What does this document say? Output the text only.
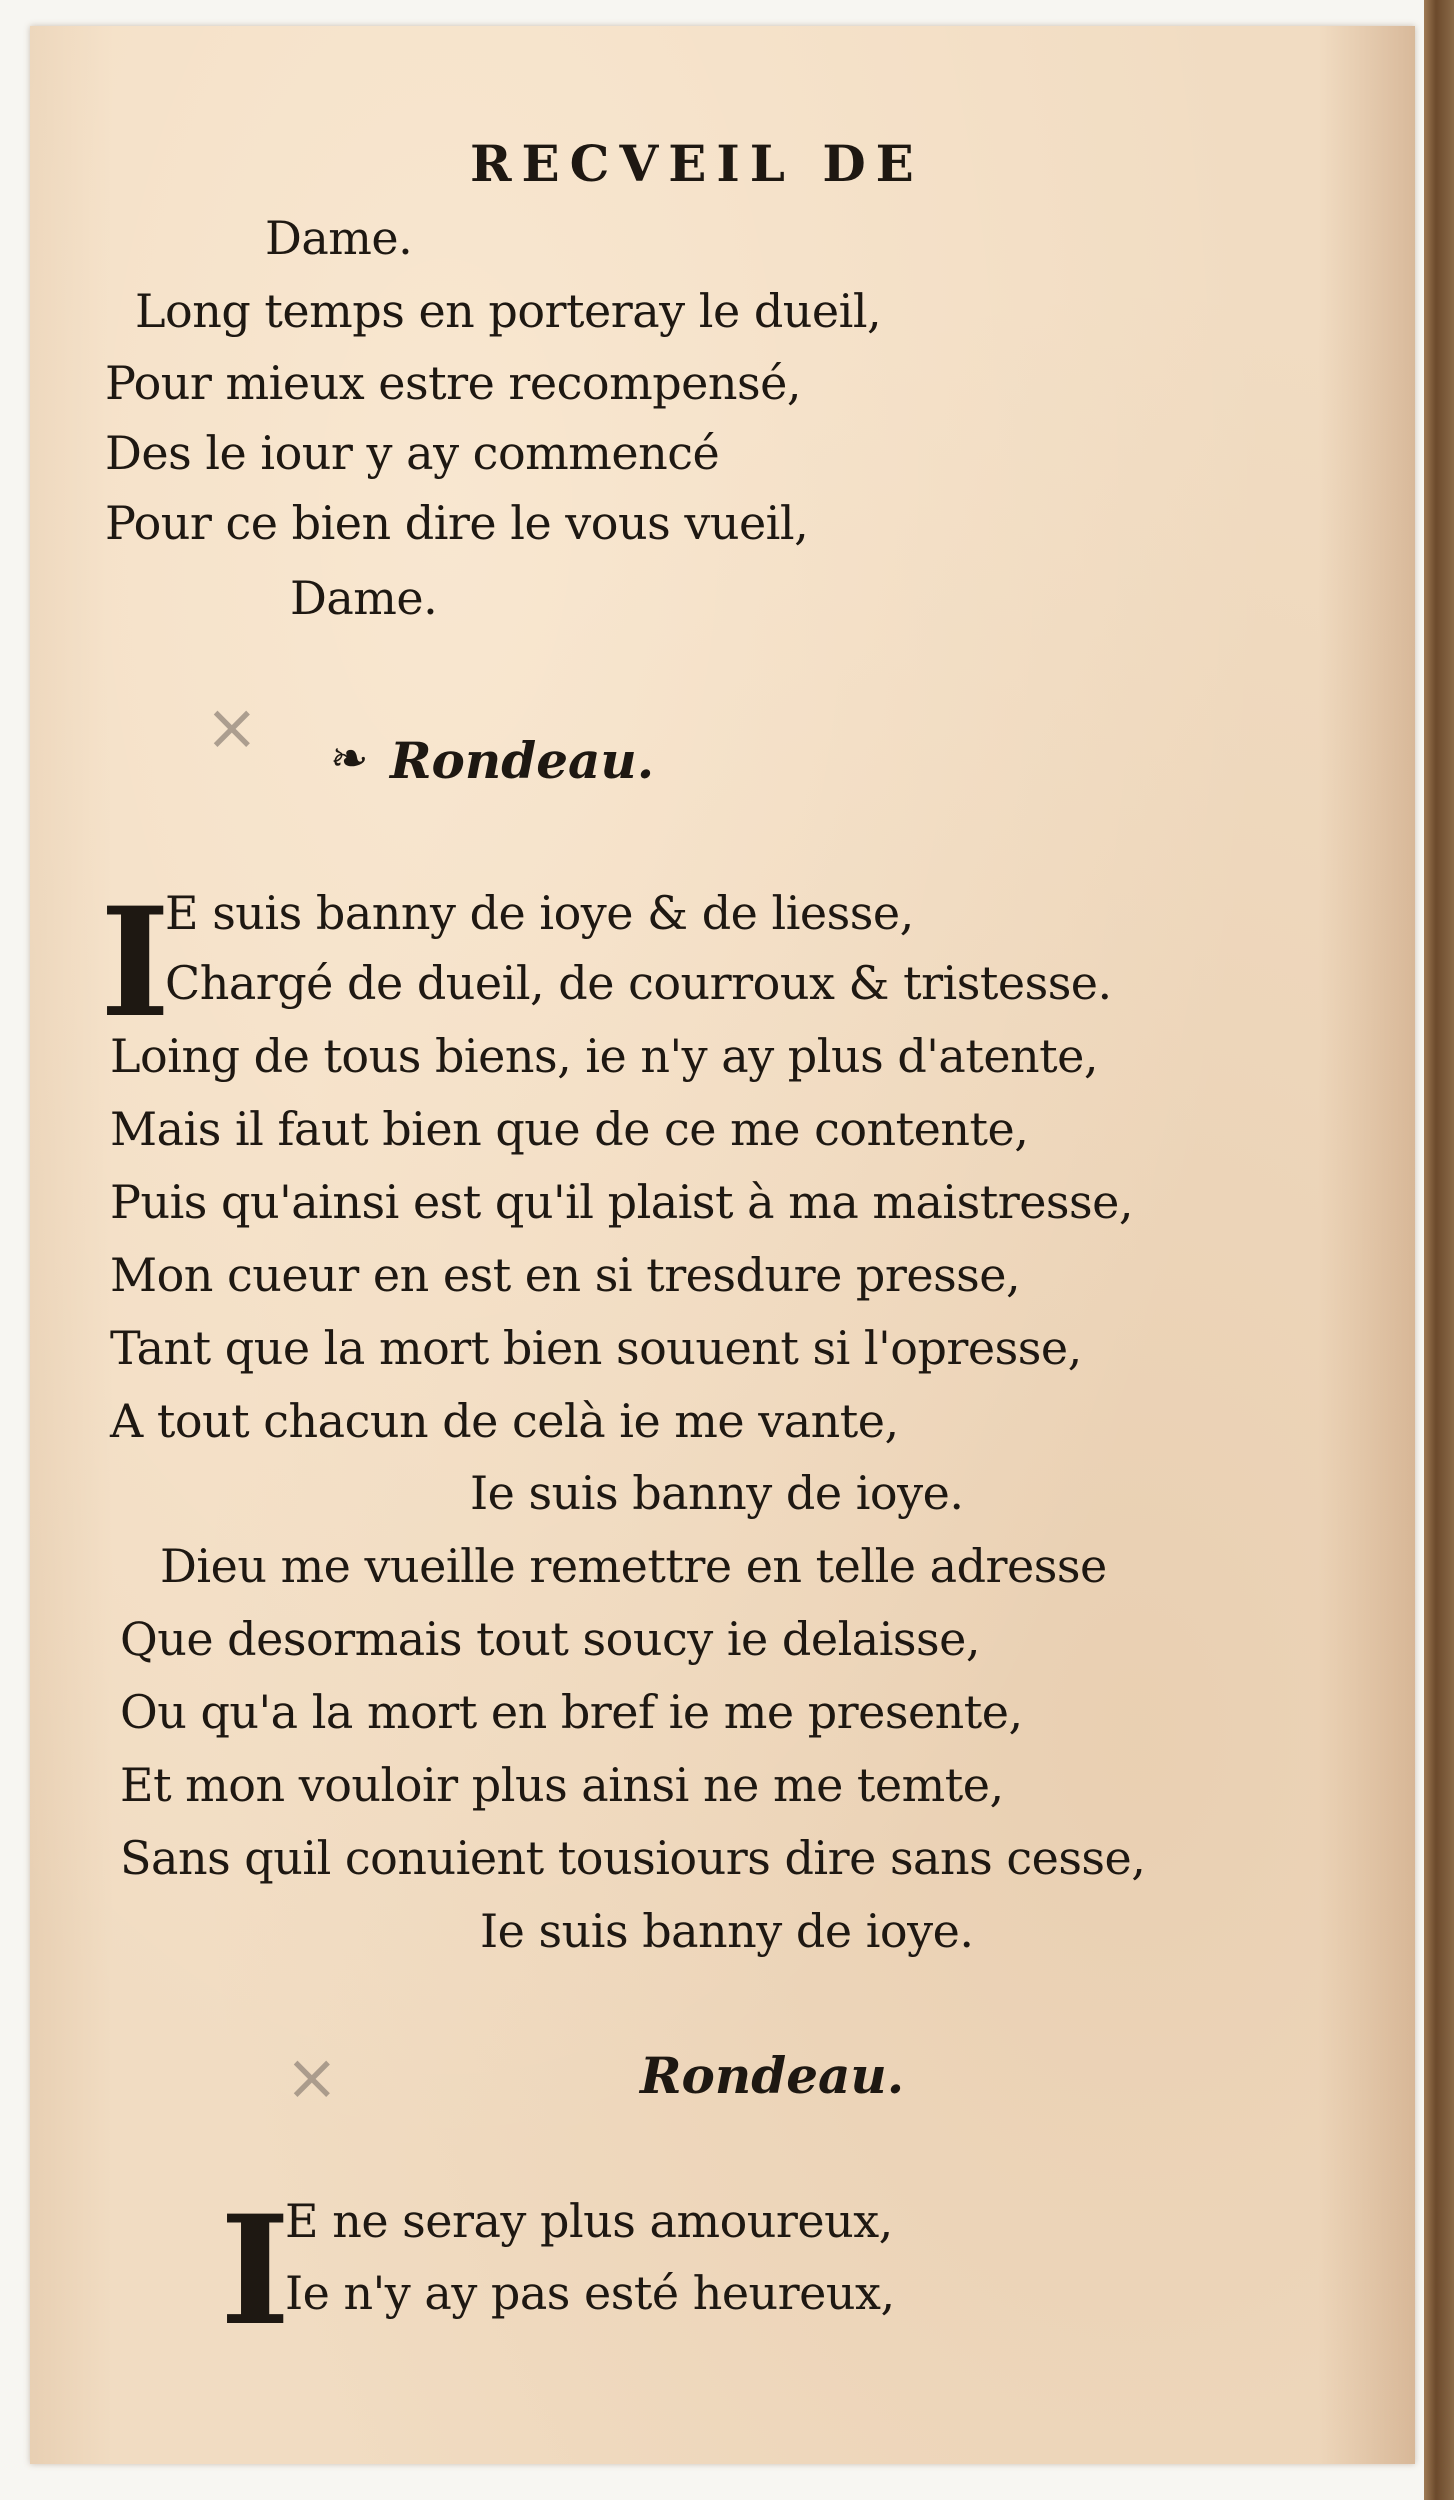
RECVEIL DE
Dame.
Long temps en porteray le dueil,
Pour mieux estre recompensé,
Des le iour y ay commencé
Pour ce bien dire le vous vueil,
Dame.
× ❧ Rondeau.
I
E suis banny de ioye & de liesse,
Chargé de dueil, de courroux & tristesse.
Loing de tous biens, ie n'y ay plus d'atente,
Mais il faut bien que de ce me contente,
Puis qu'ainsi est qu'il plaist à ma maistresse,
Mon cueur en est en si tresdure presse,
Tant que la mort bien souuent si l'opresse,
A tout chacun de celà ie me vante,
Ie suis banny de ioye.
Dieu me vueille remettre en telle adresse
Que desormais tout soucy ie delaisse,
Ou qu'a la mort en bref ie me presente,
Et mon vouloir plus ainsi ne me temte,
Sans quil conuient tousiours dire sans cesse,
Ie suis banny de ioye.
×	Rondeau.
I
E ne seray plus amoureux,
Ie n'y ay pas esté heureux,
